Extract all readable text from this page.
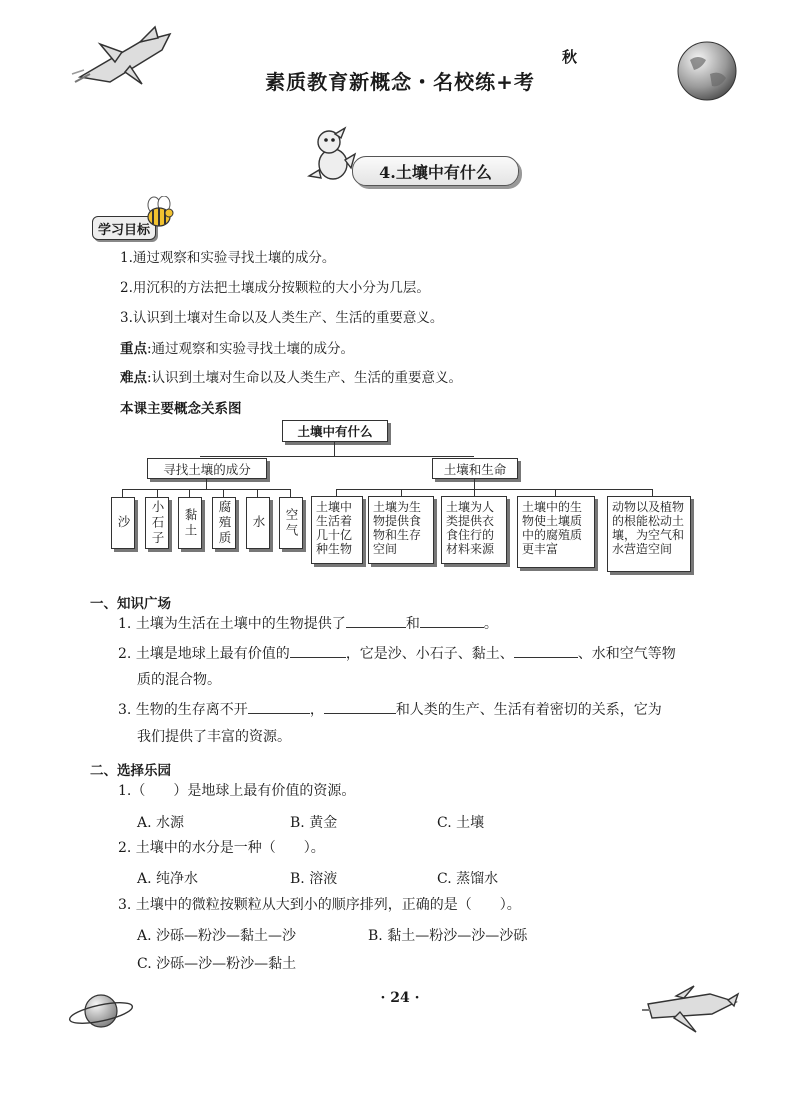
秋
素质教育新概念・名校练+考
4.土壤中有什么
学习目标
1.通过观察和实验寻找土壤的成分。
2.用沉积的方法把土壤成分按颗粒的大小分为几层。
3.认识到土壤对生命以及人类生产、生活的重要意义。
重点:通过观察和实验寻找土壤的成分。
难点:认识到土壤对生命以及人类生产、生活的重要意义。
本课主要概念关系图
土壤中有什么
寻找土壤的成分	土壤和生命
沙	小石子	黏土	腐殖质	水	空气
土壤中生活着几十亿种生物
土壤为生物提供食物和生存空间
土壤为人类提供衣食住行的材料来源
土壤中的生物使土壤质中的腐殖质更丰富
动物以及植物的根能松动土壤，为空气和水营造空间
一、知识广场
1. 土壤为生活在土壤中的生物提供了	和	。
2. 土壤是地球上最有价值的	，它是沙、小石子、黏土、	、水和空气等物
质的混合物。
3. 生物的生存离不开	，	和人类的生产、生活有着密切的关系，它为
我们提供了丰富的资源。
二、选择乐园
1.（　　）是地球上最有价值的资源。
A. 水源	B. 黄金	C. 土壤
2. 土壤中的水分是一种（　　）。
A. 纯净水	B. 溶液	C. 蒸馏水
3. 土壤中的微粒按颗粒从大到小的顺序排列，正确的是（　　）。
A. 沙砾—粉沙—黏土—沙	B. 黏土—粉沙—沙—沙砾
C. 沙砾—沙—粉沙—黏土
· 24 ·
